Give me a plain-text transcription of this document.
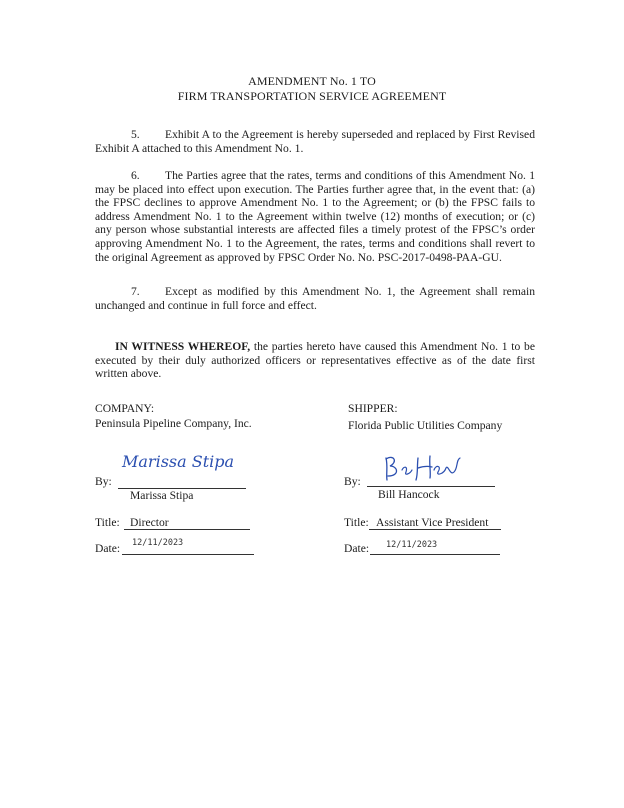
AMENDMENT No. 1 TO
FIRM TRANSPORTATION SERVICE AGREEMENT
5. Exhibit A to the Agreement is hereby superseded and replaced by First Revised Exhibit A attached to this Amendment No. 1.
6. The Parties agree that the rates, terms and conditions of this Amendment No. 1 may be placed into effect upon execution. The Parties further agree that, in the event that: (a) the FPSC declines to approve Amendment No. 1 to the Agreement; or (b) the FPSC fails to address Amendment No. 1 to the Agreement within twelve (12) months of execution; or (c) any person whose substantial interests are affected files a timely protest of the FPSC’s order approving Amendment No. 1 to the Agreement, the rates, terms and conditions shall revert to the original Agreement as approved by FPSC Order No. No. PSC-2017-0498-PAA-GU.
7. Except as modified by this Amendment No. 1, the Agreement shall remain unchanged and continue in full force and effect.
IN WITNESS WHEREOF, the parties hereto have caused this Amendment No. 1 to be executed by their duly authorized officers or representatives effective as of the date first written above.
COMPANY:
Peninsula Pipeline Company, Inc.
Marissa Stipa
By:
Marissa Stipa
Title: Director
Date: 12/11/2023
SHIPPER:
Florida Public Utilities Company
By:
Bill Hancock
Title: Assistant Vice President
Date: 12/11/2023
